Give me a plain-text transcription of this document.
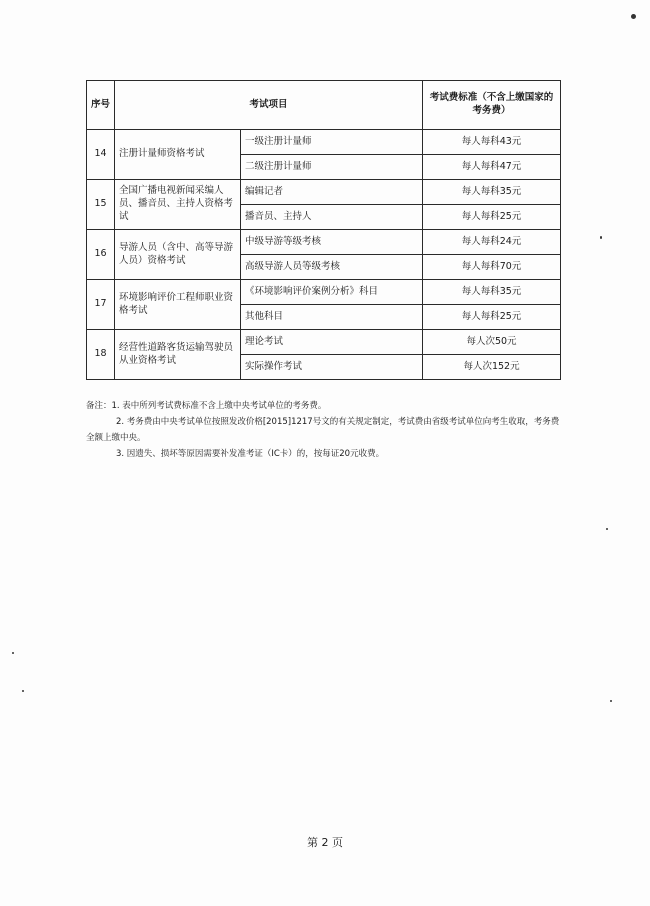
序号	考试项目		考试费标准（不含上缴国家的考务费）
14	注册计量师资格考试	一级注册计量师	每人每科43元
		二级注册计量师	每人每科47元
15	全国广播电视新闻采编人员、播音员、主持人资格考试	编辑记者	每人每科35元
		播音员、主持人	每人每科25元
16	导游人员（含中、高等导游人员）资格考试	中级导游等级考核	每人每科24元
		高级导游人员等级考核	每人每科70元
17	环境影响评价工程师职业资格考试	《环境影响评价案例分析》科目	每人每科35元
		其他科目	每人每科25元
18	经营性道路客货运输驾驶员从业资格考试	理论考试	每人次50元
		实际操作考试	每人次152元

备注：1. 表中所列考试费标准不含上缴中央考试单位的考务费。

2. 考务费由中央考试单位按照发改价格[2015]1217号文的有关规定制定，考试费由省级考试单位向考生收取，考务费全额上缴中央。

3. 因遗失、损坏等原因需要补发准考证（IC卡）的，按每证20元收费。

第 2 页
